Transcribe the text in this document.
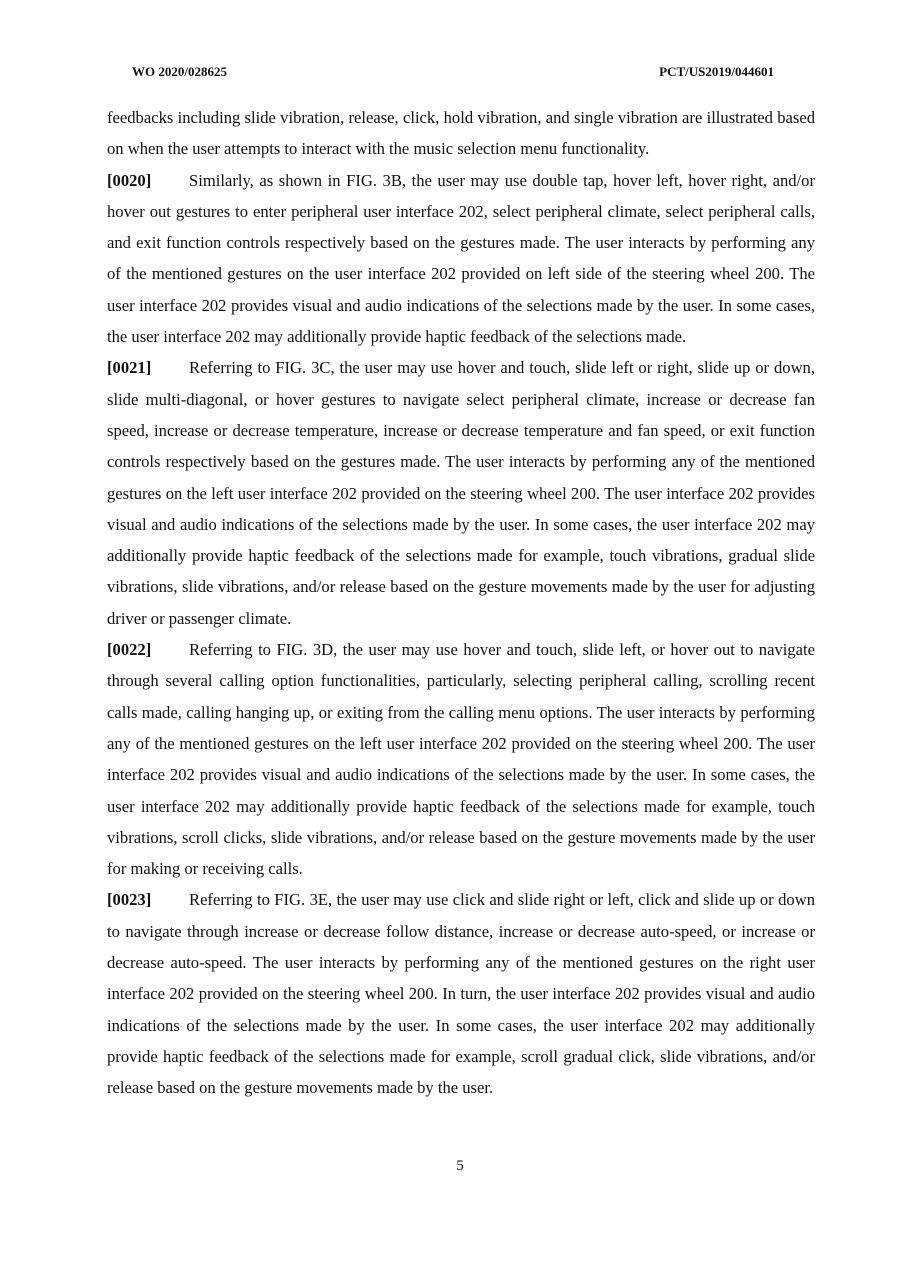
WO 2020/028625	PCT/US2019/044601

feedbacks including slide vibration, release, click, hold vibration, and single vibration are illustrated based on when the user attempts to interact with the music selection menu functionality.

[0020] Similarly, as shown in FIG. 3B, the user may use double tap, hover left, hover right, and/or hover out gestures to enter peripheral user interface 202, select peripheral climate, select peripheral calls, and exit function controls respectively based on the gestures made. The user interacts by performing any of the mentioned gestures on the user interface 202 provided on left side of the steering wheel 200. The user interface 202 provides visual and audio indications of the selections made by the user. In some cases, the user interface 202 may additionally provide haptic feedback of the selections made.

[0021] Referring to FIG. 3C, the user may use hover and touch, slide left or right, slide up or down, slide multi-diagonal, or hover gestures to navigate select peripheral climate, increase or decrease fan speed, increase or decrease temperature, increase or decrease temperature and fan speed, or exit function controls respectively based on the gestures made. The user interacts by performing any of the mentioned gestures on the left user interface 202 provided on the steering wheel 200. The user interface 202 provides visual and audio indications of the selections made by the user. In some cases, the user interface 202 may additionally provide haptic feedback of the selections made for example, touch vibrations, gradual slide vibrations, slide vibrations, and/or release based on the gesture movements made by the user for adjusting driver or passenger climate.

[0022] Referring to FIG. 3D, the user may use hover and touch, slide left, or hover out to navigate through several calling option functionalities, particularly, selecting peripheral calling, scrolling recent calls made, calling hanging up, or exiting from the calling menu options. The user interacts by performing any of the mentioned gestures on the left user interface 202 provided on the steering wheel 200. The user interface 202 provides visual and audio indications of the selections made by the user. In some cases, the user interface 202 may additionally provide haptic feedback of the selections made for example, touch vibrations, scroll clicks, slide vibrations, and/or release based on the gesture movements made by the user for making or receiving calls.

[0023] Referring to FIG. 3E, the user may use click and slide right or left, click and slide up or down to navigate through increase or decrease follow distance, increase or decrease auto-speed, or increase or decrease auto-speed. The user interacts by performing any of the mentioned gestures on the right user interface 202 provided on the steering wheel 200. In turn, the user interface 202 provides visual and audio indications of the selections made by the user. In some cases, the user interface 202 may additionally provide haptic feedback of the selections made for example, scroll gradual click, slide vibrations, and/or release based on the gesture movements made by the user.

5
